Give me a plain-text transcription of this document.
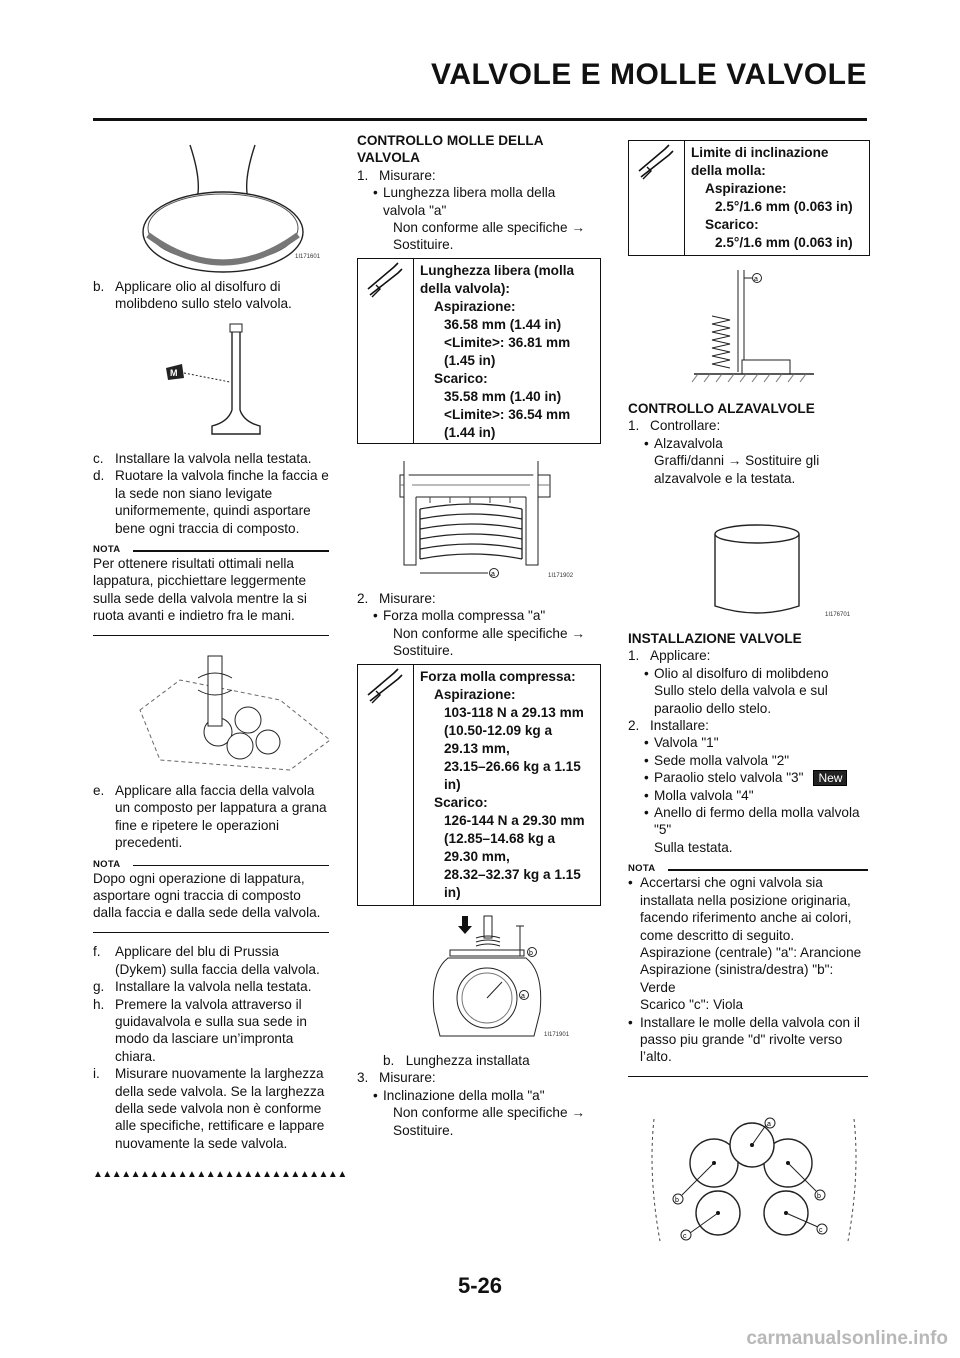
VALVOLE E MOLLE VALVOLE
1I171601

b. Applicare olio al disolfuro di molibdeno sullo stelo valvola.

M

c. Installare la valvola nella testata.

d. Ruotare la valvola finche la faccia e la sede non siano levigate uniformemente, quindi asportare bene ogni traccia di composto.

NOTA

Per ottenere risultati ottimali nella lappatura, picchiettare leggermente sulla sede della valvola mentre la si ruota avanti e indietro fra le mani.

e. Applicare alla faccia della valvola un composto per lappatura a grana fine e ripetere le operazioni precedenti.

NOTA

Dopo ogni operazione di lappatura, asportare ogni traccia di composto dalla faccia e dalla sede della valvola.

f. Applicare del blu di Prussia (Dykem) sulla faccia della valvola.

g. Installare la valvola nella testata.

h. Premere la valvola attraverso il guidavalvola e sulla sua sede in modo da lasciare un’impronta chiara.

i. Misurare nuovamente la larghezza della sede valvola. Se la larghezza della sede valvola non è conforme alle specifiche, rettificare e lappare nuovamente la sede valvola.

▲▲▲▲▲▲▲▲▲▲▲▲▲▲▲▲▲▲▲▲▲▲▲▲▲▲▲

CONTROLLO MOLLE DELLA VALVOLA

1. Misurare:

• Lunghezza libera molla della valvola "a"

Non conforme alle specifiche → Sostituire.

Lunghezza libera (molla della valvola):
Aspirazione:
36.58 mm (1.44 in)
<Limite>: 36.81 mm
(1.45 in)
Scarico:
35.58 mm (1.40 in)
<Limite>: 36.54 mm
(1.44 in)
a	1I171902

2. Misurare:

• Forza molla compressa "a"

Non conforme alle specifiche → Sostituire.

Forza molla compressa:
Aspirazione:
103-118 N a 29.13 mm
(10.50-12.09 kg a
29.13 mm,
23.15–26.66 kg a 1.15
in)
Scarico:
126-144 N a 29.30 mm
(12.85–14.68 kg a
29.30 mm,
28.32–32.37 kg a 1.15
in)
b
a
1I171901

b. Lunghezza installata

3. Misurare:

• Inclinazione della molla "a"

Non conforme alle specifiche → Sostituire.

Limite di inclinazione della molla:
Aspirazione:
2.5°/1.6 mm (0.063 in)
Scarico:
2.5°/1.6 mm (0.063 in)
a

CONTROLLO ALZAVALVOLE

1. Controllare:

• Alzavalvola

Graffi/danni → Sostituire gli alzavalvole e la testata.

1I176701

INSTALLAZIONE VALVOLE

1. Applicare:

• Olio al disolfuro di molibdeno

Sullo stelo della valvola e sul paraolio dello stelo.

2. Installare:

• Valvola "1"

• Sede molla valvola "2"

• Paraolio stelo valvola "3" New

• Molla valvola "4"

• Anello di fermo della molla valvola "5"

Sulla testata.

NOTA

• Accertarsi che ogni valvola sia installata nella posizione originaria, facendo riferimento anche ai colori, come descritto di seguito.

Aspirazione (centrale) "a": Arancione

Aspirazione (sinistra/destra) "b": Verde

Scarico "c": Viola

• Installare le molle della valvola con il passo piu grande "d" rivolte verso l’alto.

a
b
b
c
c
5-26
carmanualsonline.info
